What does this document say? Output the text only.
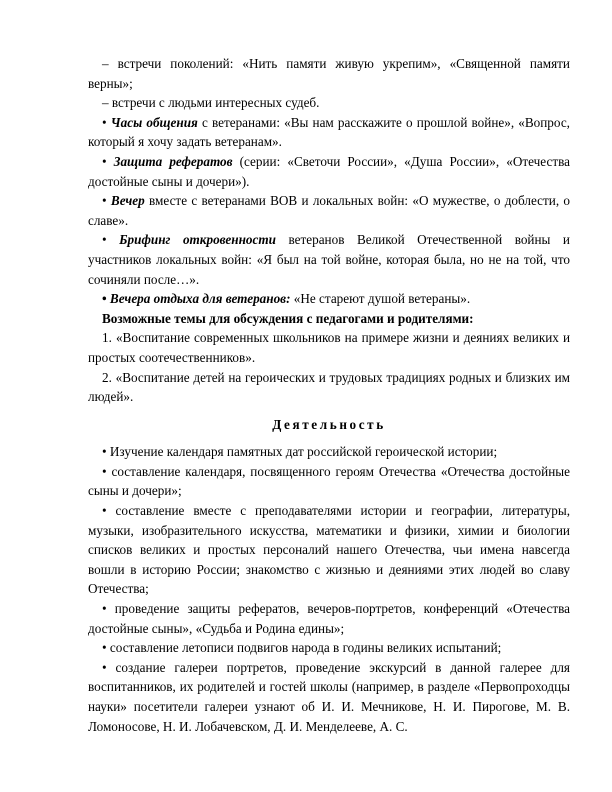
– встречи поколений: «Нить памяти живую укрепим», «Священной памяти верны»;

– встречи с людьми интересных судеб.

• Часы общения с ветеранами: «Вы нам расскажите о прошлой войне», «Вопрос, который я хочу задать ветеранам».

• Защита рефератов (серии: «Светочи России», «Душа России», «Отечества достойные сыны и дочери»).

• Вечер вместе с ветеранами ВОВ и локальных войн: «О мужестве, о доблести, о славе».

• Брифинг откровенности ветеранов Великой Отечественной войны и участников локальных войн: «Я был на той войне, которая была, но не на той, что сочиняли после…».

• Вечера отдыха для ветеранов: «Не стареют душой ветераны».

Возможные темы для обсуждения с педагогами и родителями:

1. «Воспитание современных школьников на примере жизни и деяниях великих и простых соотечественников».

2. «Воспитание детей на героических и трудовых традициях родных и близких им людей».

Деятельность

• Изучение календаря памятных дат российской героической истории;

• составление календаря, посвященного героям Отечества «Отечества достойные сыны и дочери»;

• составление вместе с преподавателями истории и географии, литературы, музыки, изобразительного искусства, математики и физики, химии и биологии списков великих и простых персоналий нашего Отечества, чьи имена навсегда вошли в историю России; знакомство с жизнью и деяниями этих людей во славу Отечества;

• проведение защиты рефератов, вечеров-портретов, конференций «Отечества достойные сыны», «Судьба и Родина едины»;

• составление летописи подвигов народа в годины великих испытаний;

• создание галереи портретов, проведение экскурсий в данной галерее для воспитанников, их родителей и гостей школы (например, в разделе «Первопроходцы науки» посетители галереи узнают об И. И. Мечникове, Н. И. Пирогове, М. В. Ломоносове, Н. И. Лобачевском, Д. И. Менделееве, А. С.
